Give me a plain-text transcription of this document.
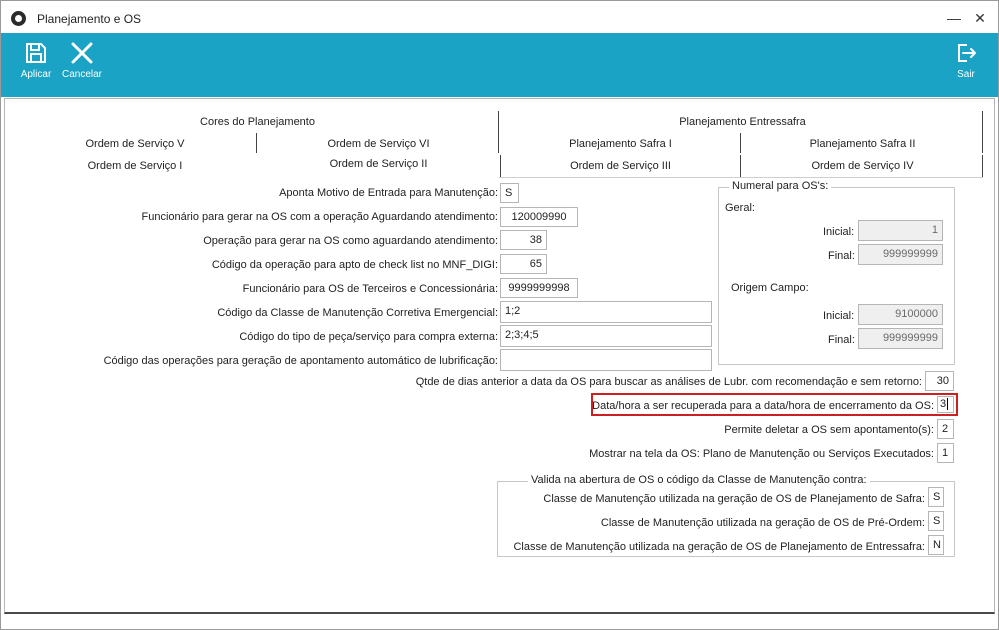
Planejamento e OS	— ✕
Aplicar	Cancelar	Sair
Cores do Planejamento	Planejamento Entressafra
Ordem de Serviço V	Ordem de Serviço VI	Planejamento Safra I	Planejamento Safra II
Ordem de Serviço I	Ordem de Serviço II	Ordem de Serviço III	Ordem de Serviço IV
Aponta Motivo de Entrada para Manutenção: S
Funcionário para gerar na OS com a operação Aguardando atendimento:	120009990
Operação para gerar na OS como aguardando atendimento:	38
Código da operação para apto de check list no MNF_DIGI:	65
Funcionário para OS de Terceiros e Concessionária: 9999999998
Código da Classe de Manutenção Corretiva Emergencial: 1;2
Código do tipo de peça/serviço para compra externa: 2;3;4;5
Código das operações para geração de apontamento automático de lubrificação:
Qtde de dias anterior a data da OS para buscar as análises de Lubr. com recomendação e sem retorno:	30
Data/hora a ser recuperada para a data/hora de encerramento da OS: 3
Permite deletar a OS sem apontamento(s): 2
Mostrar na tela da OS: Plano de Manutenção ou Serviços Executados: 1
Numeral para OS's:
Geral:
Inicial:	1
Final:	999999999
Origem Campo:
Inicial:	9100000
Final:	999999999
Valida na abertura de OS o código da Classe de Manutenção contra:
Classe de Manutenção utilizada na geração de OS de Planejamento de Safra: S
Classe de Manutenção utilizada na geração de OS de Pré-Ordem: S
Classe de Manutenção utilizada na geração de OS de Planejamento de Entressafra: N
